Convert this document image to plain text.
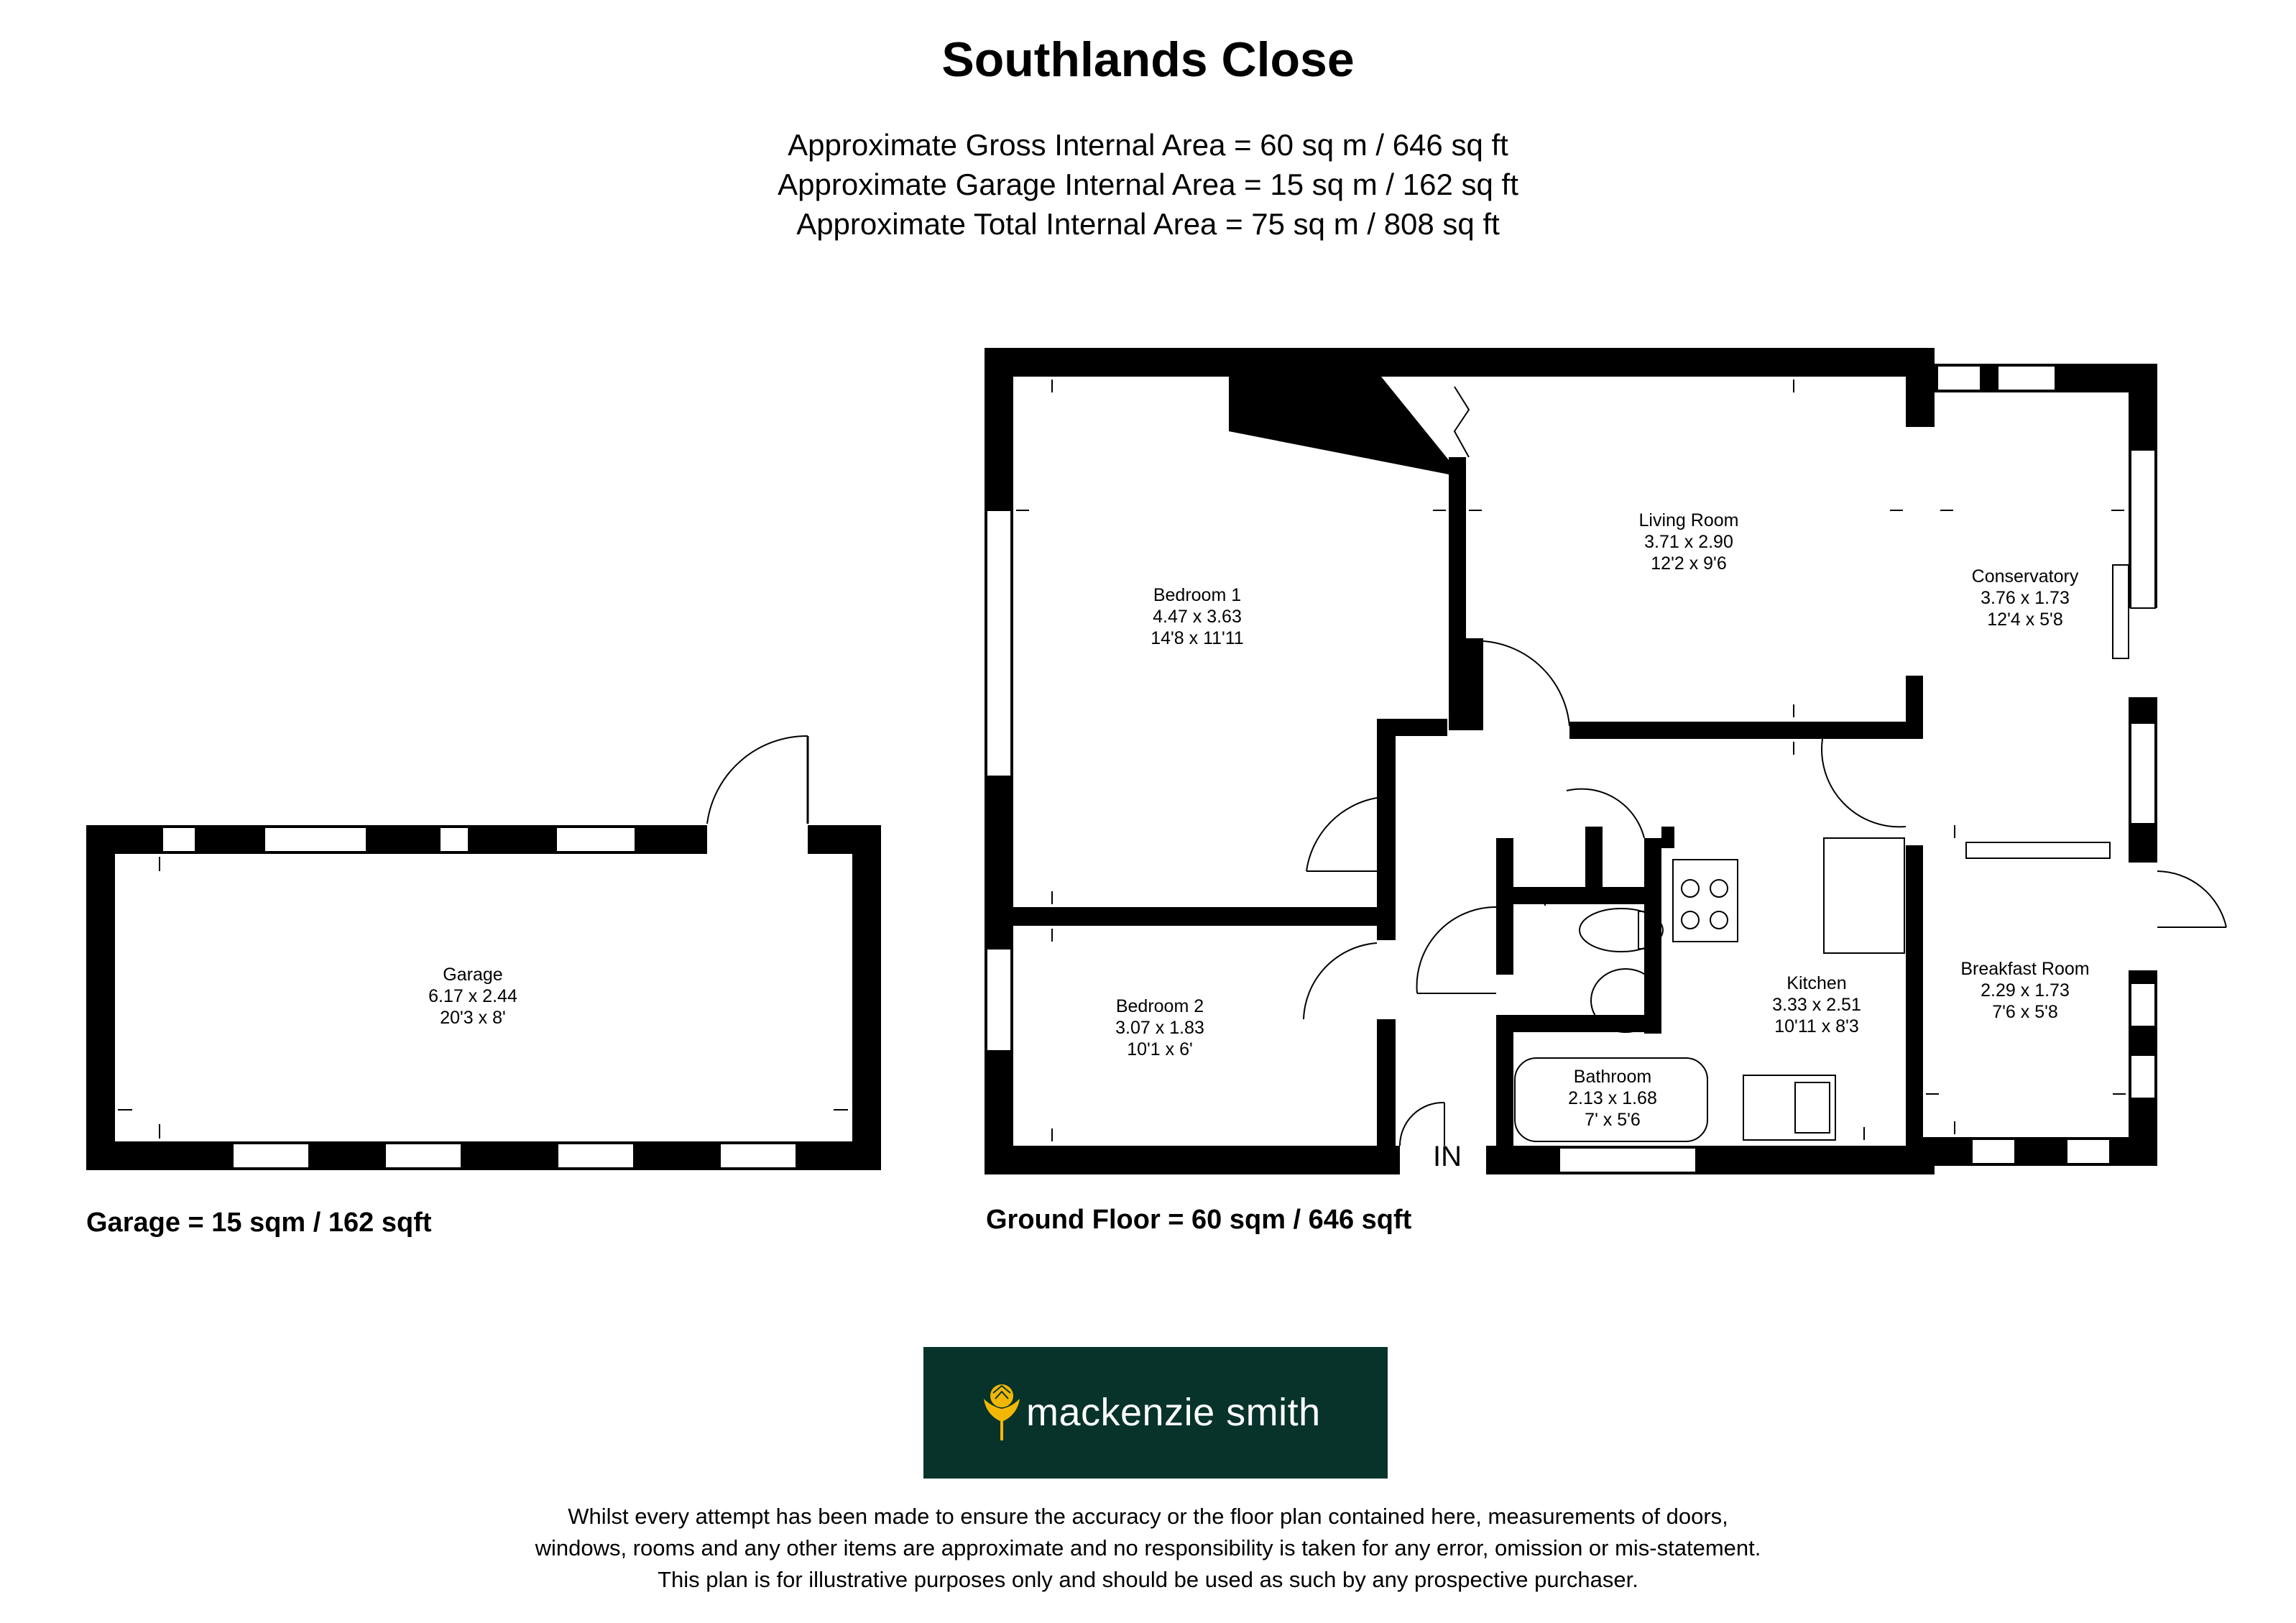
Southlands Close
Approximate Gross Internal Area = 60 sq m / 646 sq ft
Approximate Garage Internal Area = 15 sq m / 162 sq ft
Approximate Total Internal Area = 75 sq m / 808 sq ft
Garage
6.17 x 2.44
20'3 x 8'
Bedroom 1
4.47 x 3.63
14'8 x 11'11
Bedroom 2
3.07 x 1.83
10'1 x 6'
Living Room
3.71 x 2.90
12'2 x 9'6
Conservatory
3.76 x 1.73
12'4 x 5'8
Kitchen
3.33 x 2.51
10'11 x 8'3
Breakfast Room
2.29 x 1.73
7'6 x 5'8
Bathroom
2.13 x 1.68
7' x 5'6
IN
Garage = 15 sqm / 162 sqft	Ground Floor = 60 sqm / 646 sqft
mackenzie smith
Whilst every attempt has been made to ensure the accuracy or the floor plan contained here, measurements of doors,
windows, rooms and any other items are approximate and no responsibility is taken for any error, omission or mis-statement.
This plan is for illustrative purposes only and should be used as such by any prospective purchaser.
